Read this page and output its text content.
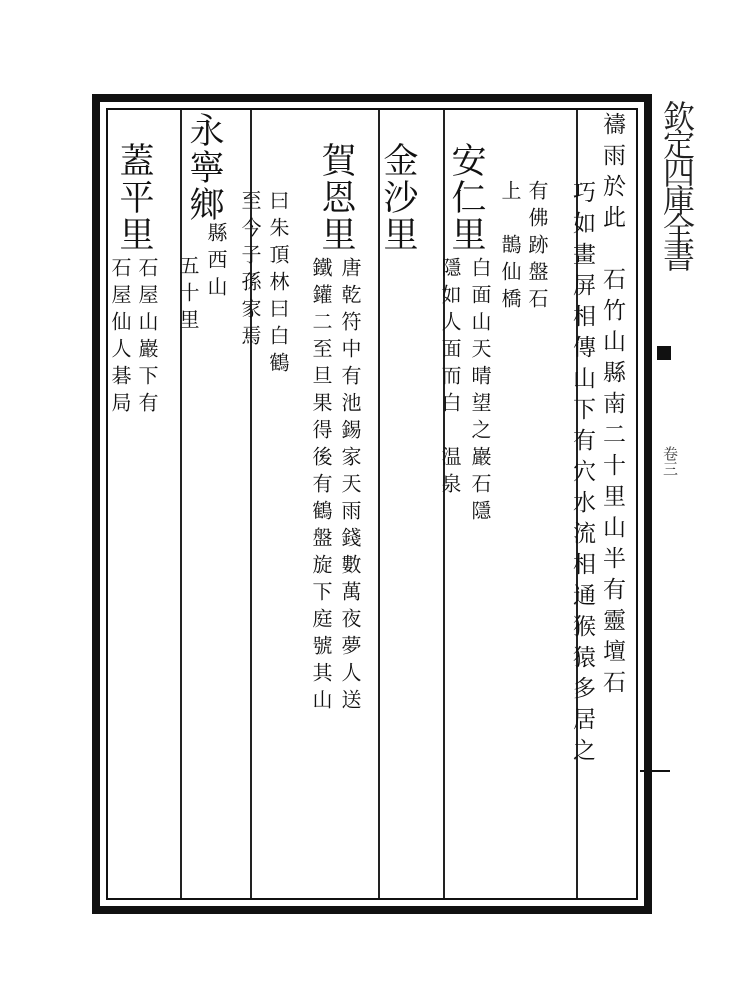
欽定四庫全書
卷三
禱雨於此　石竹山縣南二十里山半有靈壇石
巧如畫屏相傳山下有穴水流相通猴猿多居之
有佛跡盤石
上　鵲仙橋
安仁里
白面山天晴望之巖石隱
隱如人面而白　温泉
金沙里
賀恩里
唐乾符中有池錫家天雨錢數萬夜夢人送
鐵鑵二至旦果得後有鶴盤旋下庭號其山
曰朱頂林曰白鶴
至今子孫家焉
永寧鄉
縣西山
五十里
蓋平里
石屋山巖下有
石屋仙人碁局
